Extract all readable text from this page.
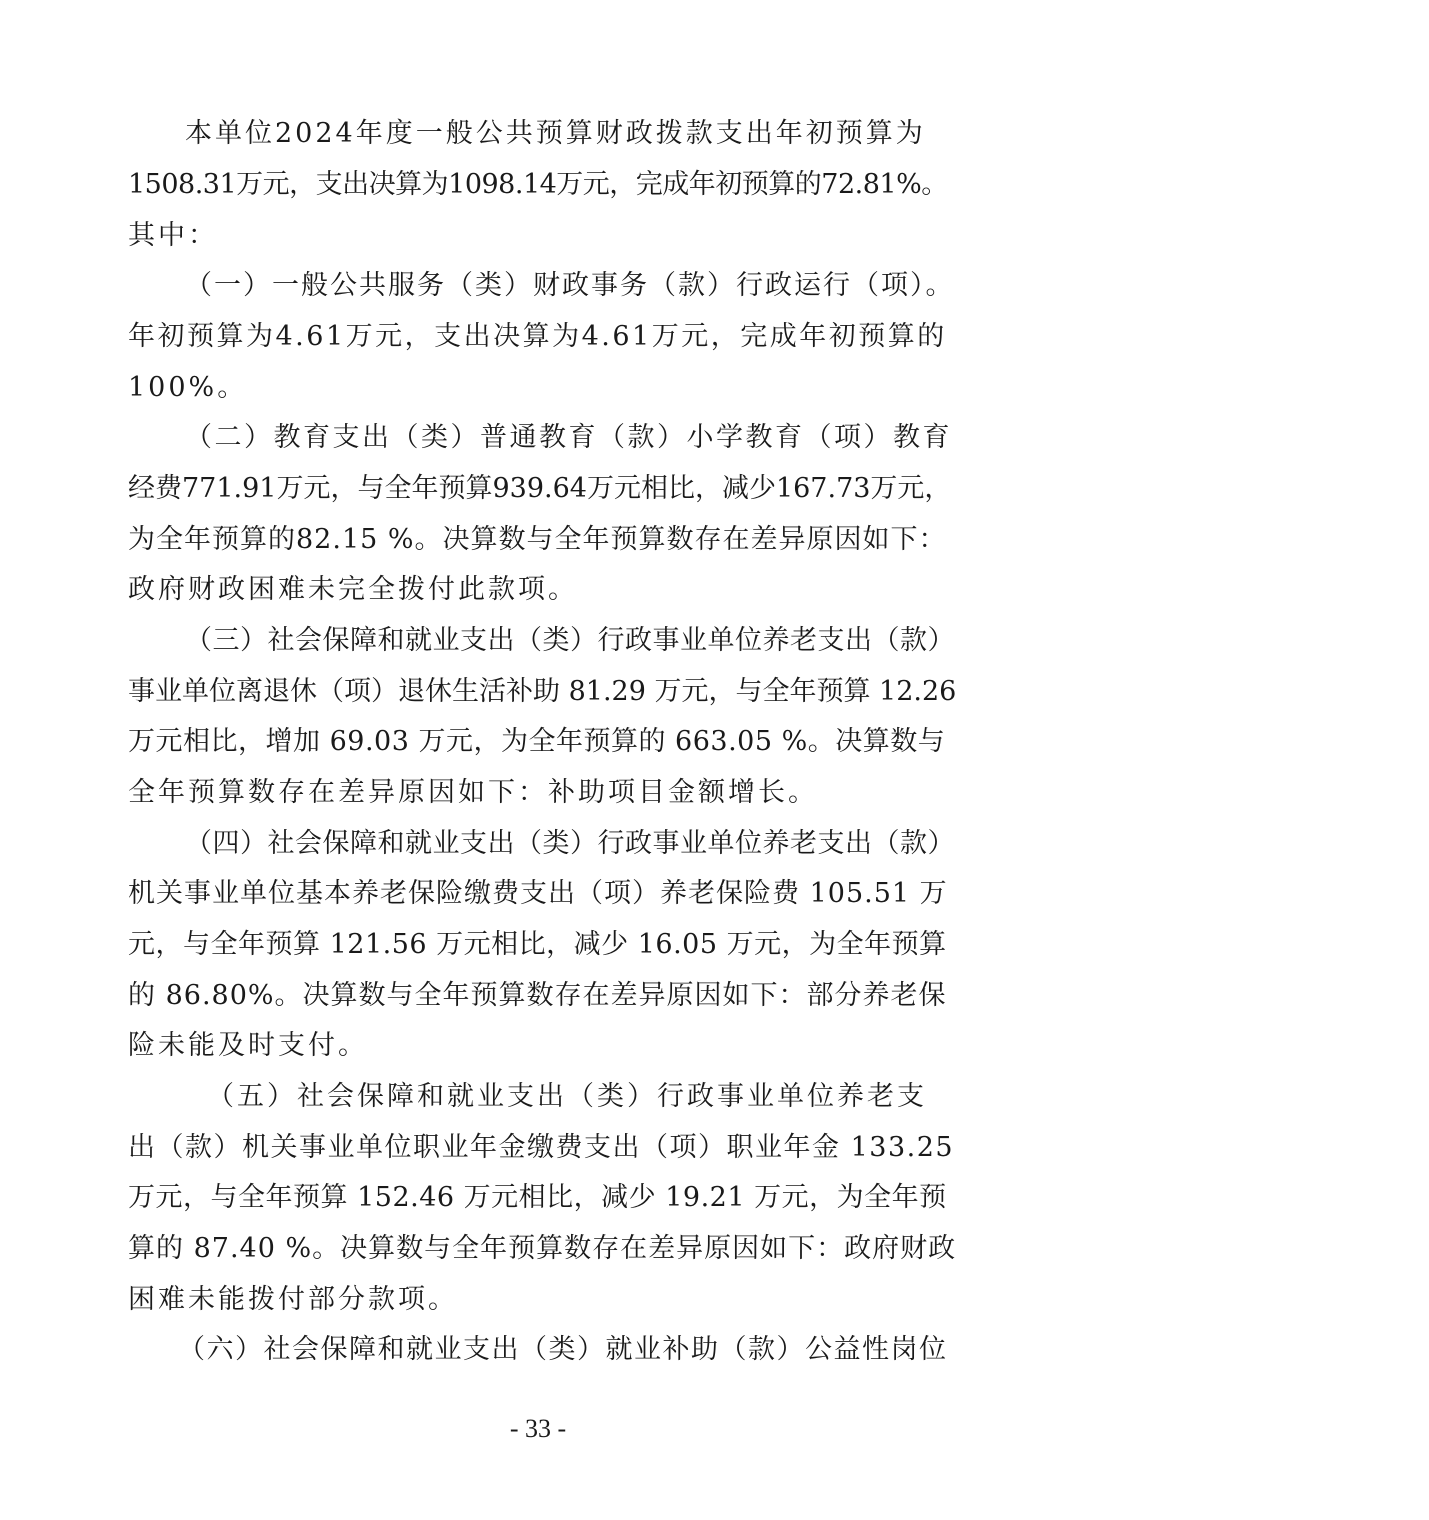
本单位2024年度一般公共预算财政拨款支出年初预算为
1508.31万元，支出决算为1098.14万元，完成年初预算的72.81%。
其中：
（一）一般公共服务（类）财政事务（款）行政运行（项）。
年初预算为4.61万元，支出决算为4.61万元，完成年初预算的
100%。
（二）教育支出（类）普通教育（款）小学教育（项）教育
经费771.91万元，与全年预算939.64万元相比，减少167.73万元，
为全年预算的82.15 %。决算数与全年预算数存在差异原因如下：
政府财政困难未完全拨付此款项。
（三）社会保障和就业支出（类）行政事业单位养老支出（款）
事业单位离退休（项）退休生活补助 81.29 万元，与全年预算 12.26
万元相比，增加 69.03 万元，为全年预算的 663.05 %。决算数与
全年预算数存在差异原因如下：补助项目金额增长。
（四）社会保障和就业支出（类）行政事业单位养老支出（款）
机关事业单位基本养老保险缴费支出（项）养老保险费 105.51 万
元，与全年预算 121.56 万元相比，减少 16.05 万元，为全年预算
的 86.80%。决算数与全年预算数存在差异原因如下：部分养老保
险未能及时支付。
（五）社会保障和就业支出（类）行政事业单位养老支
出（款）机关事业单位职业年金缴费支出（项）职业年金 133.25
万元，与全年预算 152.46 万元相比，减少 19.21 万元，为全年预
算的 87.40 %。决算数与全年预算数存在差异原因如下：政府财政
困难未能拨付部分款项。
（六）社会保障和就业支出（类）就业补助（款）公益性岗位
- 33 -
